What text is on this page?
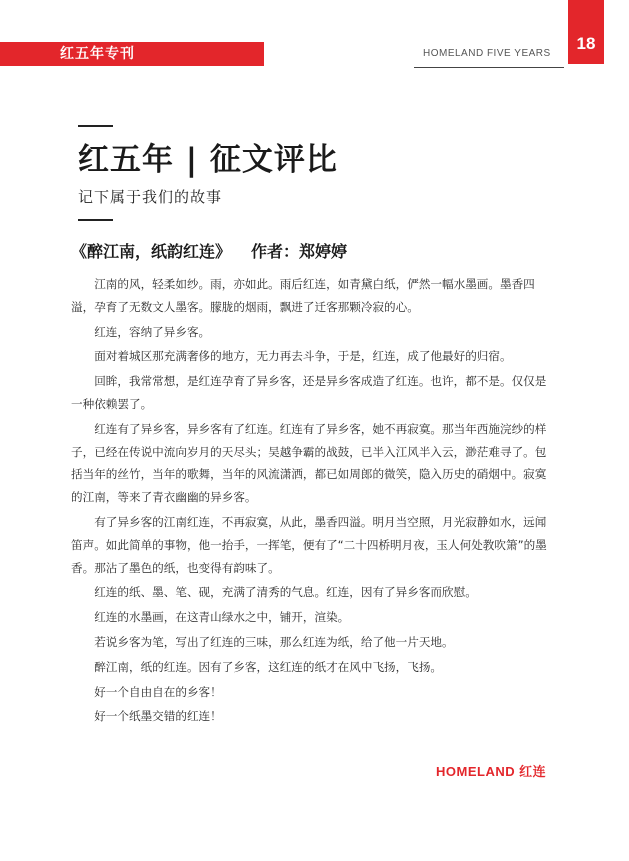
红五年专刊	HOMELAND FIVE YEARS
18
红五年 | 征文评比
记下属于我们的故事
《醉江南，纸韵红连》 作者：郑婷婷

江南的风，轻柔如纱。雨，亦如此。雨后红连，如青黛白纸，俨然一幅水墨画。墨香四溢，孕育了无数文人墨客。朦胧的烟雨，飘进了迁客那颗冷寂的心。

红连，容纳了异乡客。

面对着城区那充满奢侈的地方，无力再去斗争，于是，红连，成了他最好的归宿。

回眸，我常常想，是红连孕育了异乡客，还是异乡客成造了红连。也许，都不是。仅仅是一种依赖罢了。

红连有了异乡客，异乡客有了红连。红连有了异乡客，她不再寂寞。那当年西施浣纱的样子，已经在传说中流向岁月的天尽头；吴越争霸的战鼓，已半入江风半入云，渺茫难寻了。包括当年的丝竹，当年的歌舞，当年的风流潇洒，都已如周郎的微笑，隐入历史的硝烟中。寂寞的江南，等来了青衣幽幽的异乡客。

有了异乡客的江南红连，不再寂寞，从此，墨香四溢。明月当空照，月光寂静如水，远闻笛声。如此简单的事物，他一抬手，一挥笔，便有了“二十四桥明月夜，玉人何处教吹箫”的墨香。那沾了墨色的纸，也变得有韵味了。

红连的纸、墨、笔、砚，充满了清秀的气息。红连，因有了异乡客而欣慰。

红连的水墨画，在这青山绿水之中，铺开，渲染。

若说乡客为笔，写出了红连的三味，那么红连为纸，给了他一片天地。

醉江南，纸的红连。因有了乡客，这红连的纸才在风中飞扬，飞扬。

好一个自由自在的乡客！

好一个纸墨交错的红连！

HOMELAND 红连
